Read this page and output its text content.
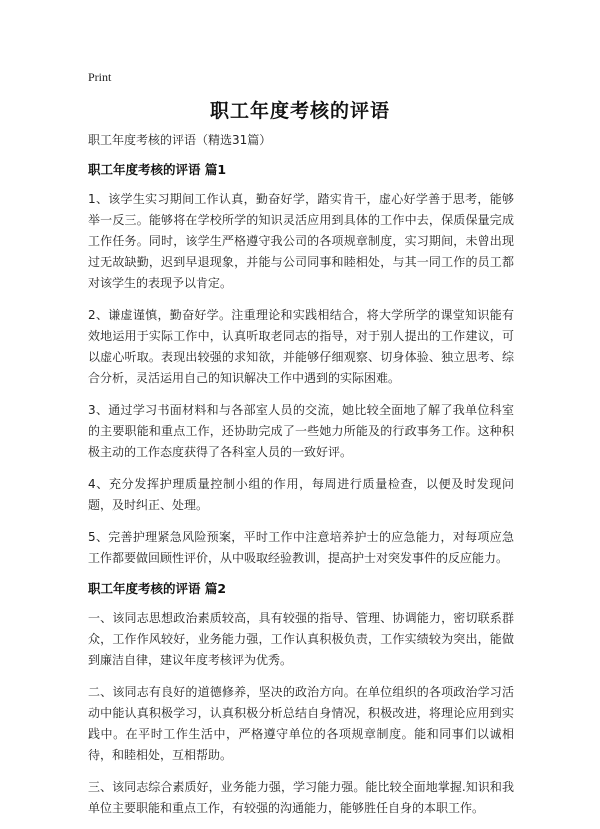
Print
职工年度考核的评语
职工年度考核的评语（精选31篇）
职工年度考核的评语 篇1

1、该学生实习期间工作认真，勤奋好学，踏实肯干，虚心好学善于思考，能够举一反三。能够将在学校所学的知识灵活应用到具体的工作中去，保质保量完成工作任务。同时，该学生严格遵守我公司的各项规章制度，实习期间，未曾出现过无故缺勤，迟到早退现象，并能与公司同事和睦相处，与其一同工作的员工都对该学生的表现予以肯定。

2、谦虚谨慎，勤奋好学。注重理论和实践相结合，将大学所学的课堂知识能有效地运用于实际工作中，认真听取老同志的指导，对于别人提出的工作建议，可以虚心听取。表现出较强的求知欲，并能够仔细观察、切身体验、独立思考、综合分析，灵活运用自己的知识解决工作中遇到的实际困难。

3、通过学习书面材料和与各部室人员的交流，她比较全面地了解了我单位科室的主要职能和重点工作，还协助完成了一些她力所能及的行政事务工作。这种积极主动的工作态度获得了各科室人员的一致好评。

4、充分发挥护理质量控制小组的作用，每周进行质量检查，以便及时发现问题，及时纠正、处理。

5、完善护理紧急风险预案，平时工作中注意培养护士的应急能力，对每项应急工作都要做回顾性评价，从中吸取经验教训，提高护士对突发事件的反应能力。

职工年度考核的评语 篇2

一、该同志思想政治素质较高，具有较强的指导、管理、协调能力，密切联系群众，工作作风较好，业务能力强，工作认真积极负责，工作实绩较为突出，能做到廉洁自律，建议年度考核评为优秀。

二、该同志有良好的道德修养，坚决的政治方向。在单位组织的各项政治学习活动中能认真积极学习，认真积极分析总结自身情况，积极改进，将理论应用到实践中。在平时工作生活中，严格遵守单位的各项规章制度。能和同事们以诚相待，和睦相处，互相帮助。

三、该同志综合素质好，业务能力强，学习能力强。能比较全面地掌握.知识和我单位主要职能和重点工作，有较强的沟通能力，能够胜任自身的本职工作。
